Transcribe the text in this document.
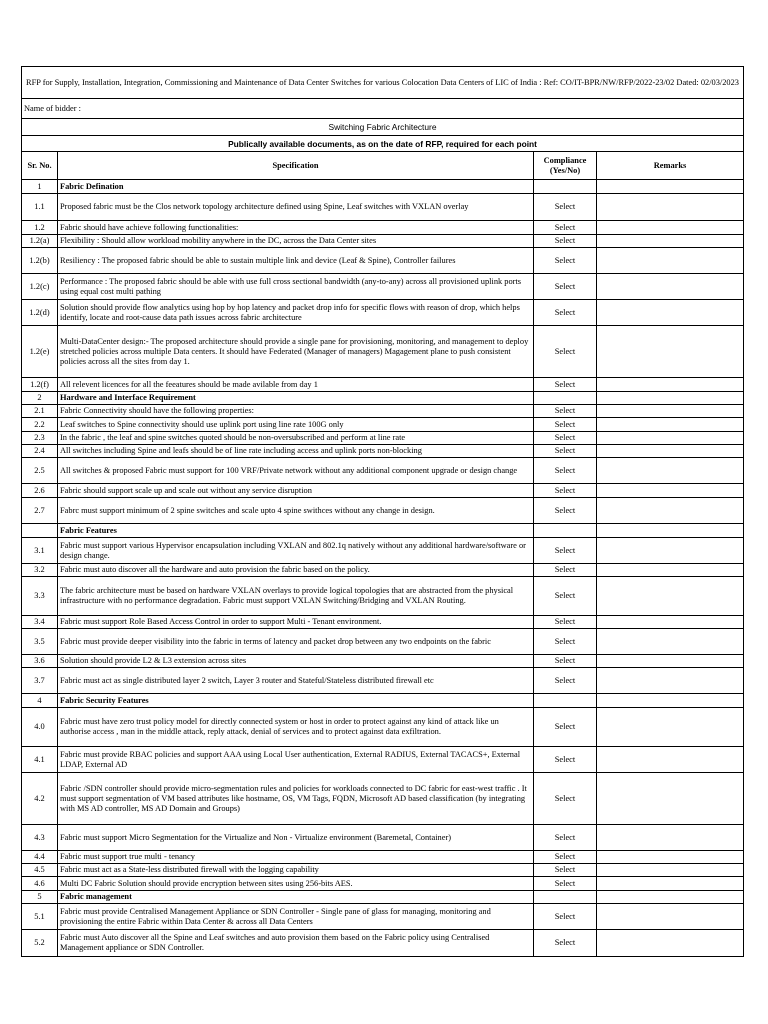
RFP for Supply, Installation, Integration, Commissioning and Maintenance of Data Center Switches for various Colocation Data Centers of LIC of India : Ref: CO/IT-BPR/NW/RFP/2022-23/02 Dated: 02/03/2023			
Name of bidder :			
Switching Fabric Architecture			
Publically available documents, as on the date of RFP, required for each point			
Sr. No.	Specification	Compliance (Yes/No)	Remarks
1	Fabric Defination		
1.1	Proposed fabric must be the Clos network topology architecture defined using Spine, Leaf switches with VXLAN overlay	Select	
1.2	Fabric should have achieve following functionalities:	Select	
1.2(a)	Flexibility : Should allow workload mobility anywhere in the DC, across the Data Center sites	Select	
1.2(b)	Resiliency : The proposed fabric should be able to sustain multiple link and device (Leaf & Spine), Controller failures	Select	
1.2(c)	Performance : The proposed fabric should be able with use full cross sectional bandwidth (any-to-any) across all provisioned uplink ports using equal cost multi pathing	Select	
1.2(d)	Solution should provide flow analytics using hop by hop latency and packet drop info for specific flows with reason of drop, which helps identify, locate and root-cause data path issues across fabric architecture	Select	
1.2(e)	Multi-DataCenter design:- The proposed architecture should provide a single pane for provisioning, monitoring, and management to deploy stretched policies across multiple Data centers. It should have Federated (Manager of managers) Magagement plane to push consistent policies across all the sites from day 1.	Select	
1.2(f)	All relevent licences for all the feeatures should be made avilable from day 1	Select	
2	Hardware and Interface Requirement		
2.1	Fabric Connectivity should have the following properties:	Select	
2.2	Leaf switches to Spine connectivity should use uplink port using line rate 100G only	Select	
2.3	In the fabric , the leaf and spine switches quoted should be non-oversubscribed and perform at line rate	Select	
2.4	All switches including Spine and leafs should be of line rate including access and uplink ports non-blocking	Select	
2.5	All switches & proposed Fabric must support for 100 VRF/Private network without any additional component upgrade or design change	Select	
2.6	Fabric should support scale up and scale out without any service disruption	Select	
2.7	Fabrc must support minimum of 2 spine switches and scale upto 4 spine swithces without any change in design.	Select	
	Fabric Features		
3.1	Fabric must support various Hypervisor encapsulation including VXLAN and 802.1q natively without any additional hardware/software or design change.	Select	
3.2	Fabric must auto discover all the hardware and auto provision the fabric based on the policy.	Select	
3.3	The fabric architecture must be based on hardware VXLAN overlays to provide logical topologies that are abstracted from the physical infrastructure with no performance degradation. Fabric must support VXLAN Switching/Bridging and VXLAN Routing.	Select	
3.4	Fabric must support Role Based Access Control in order to support Multi - Tenant environment.	Select	
3.5	Fabric must provide deeper visibility into the fabric in terms of latency and packet drop between any two endpoints on the fabric	Select	
3.6	Solution should provide L2 & L3 extension across sites	Select	
3.7	Fabric must act as single distributed layer 2 switch, Layer 3 router and Stateful/Stateless distributed firewall etc	Select	
4	Fabric Security Features		
4.0	Fabric must have zero trust policy model for directly connected system or host in order to protect against any kind of attack like un authorise access , man in the middle attack, reply attack, denial of services and to protect against data exfiltration.	Select	
4.1	Fabric must provide RBAC policies and support AAA using Local User authentication, External RADIUS, External TACACS+, External LDAP, External AD	Select	
4.2	Fabric /SDN controller should provide micro-segmentation rules and policies for workloads connected to DC fabric for east-west traffic . It must support segmentation of VM based attributes like hostname, OS, VM Tags, FQDN, Microsoft AD based classification (by integrating with MS AD controller, MS AD Domain and Groups)	Select	
4.3	Fabric must support Micro Segmentation for the Virtualize and Non - Virtualize environment (Baremetal, Container)	Select	
4.4	Fabric must support true multi - tenancy	Select	
4.5	Fabric must act as a State-less distributed firewall with the logging capability	Select	
4.6	Multi DC Fabric Solution should provide encryption between sites using 256-bits AES.	Select	
5	Fabric management		
5.1	Fabric must provide Centralised Management Appliance or SDN Controller - Single pane of glass for managing, monitoring and provisioning the entire Fabric within Data Center & across all Data Centers	Select	
5.2	Fabric must Auto discover all the Spine and Leaf switches and auto provision them based on the Fabric policy using Centralised Management appliance or SDN Controller.	Select	
